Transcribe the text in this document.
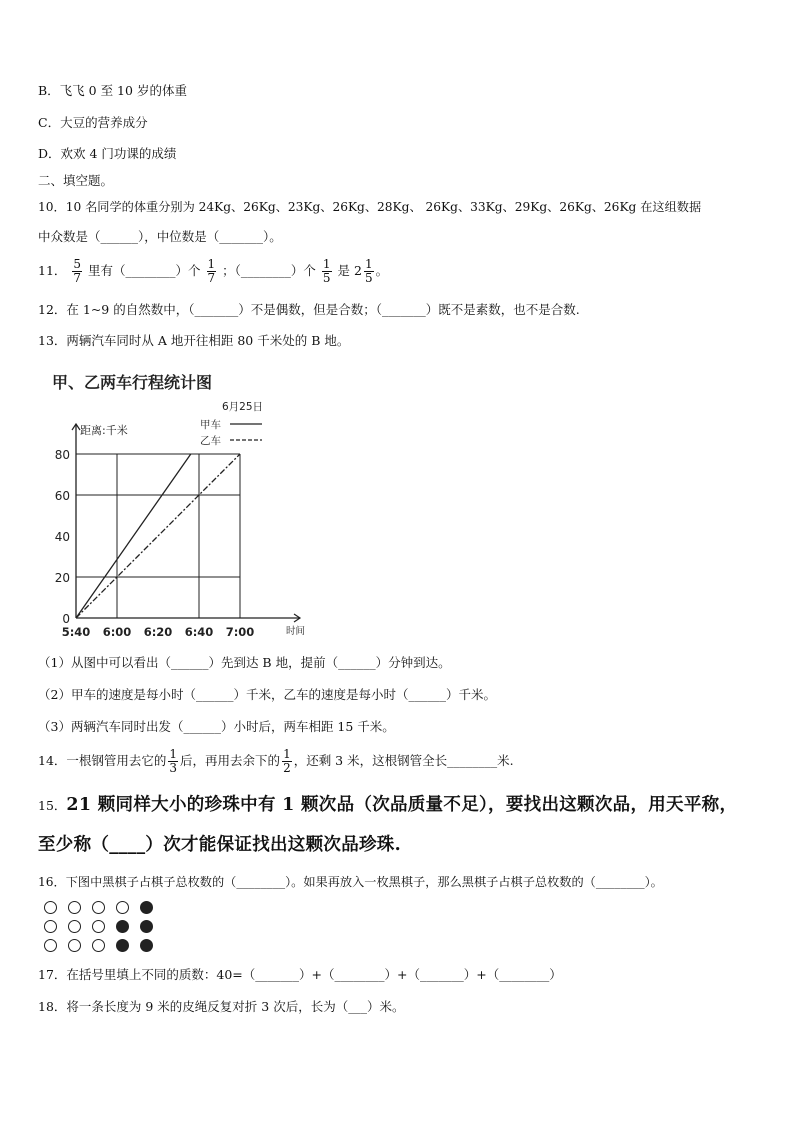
B．飞飞 0 至 10 岁的体重
C．大豆的营养成分
D．欢欢 4 门功课的成绩
二、填空题。
10．10 名同学的体重分别为 24Kg、26Kg、23Kg、26Kg、28Kg、 26Kg、33Kg、29Kg、26Kg、26Kg 在这组数据
中众数是（______），中位数是（_______）。
11． $\frac{5}{7}$ 里有（________）个 $\frac{1}{7}$ ；（________）个 $\frac{1}{5}$ 是 $2 \frac{1}{5}$ 。
12．在 1~9 的自然数中，（_______）不是偶数，但是合数；（_______）既不是素数，也不是合数.
13．两辆汽车同时从 A 地开往相距 80 千米处的 B 地。
甲、乙两车行程统计图
6月25日
距离:千米
时间
甲车
乙车
0
20
40
60
80
5:40 6:00 6:20 6:40 7:00
（1）从图中可以看出（______）先到达 B 地，提前（______）分钟到达。
（2）甲车的速度是每小时（______）千米，乙车的速度是每小时（______）千米。
（3）两辆汽车同时出发（______）小时后，两车相距 15 千米。
14．一根钢管用去它的 $\frac{1}{3}$ 后，再用去余下的 $\frac{1}{2}$ ，还剩 3 米，这根钢管全长________米.
15．21 颗同样大小的珍珠中有 1 颗次品（次品质量不足），要找出这颗次品，用天平称，
至少称（____）次才能保证找出这颗次品珍珠.
16．下图中黑棋子占棋子总枚数的（________）。如果再放入一枚黑棋子，那么黑棋子占棋子总枚数的（________）。
17．在括号里填上不同的质数：40=（_______）+（________）+（_______）+（________）
18．将一条长度为 9 米的皮绳反复对折 3 次后，长为（___）米。
